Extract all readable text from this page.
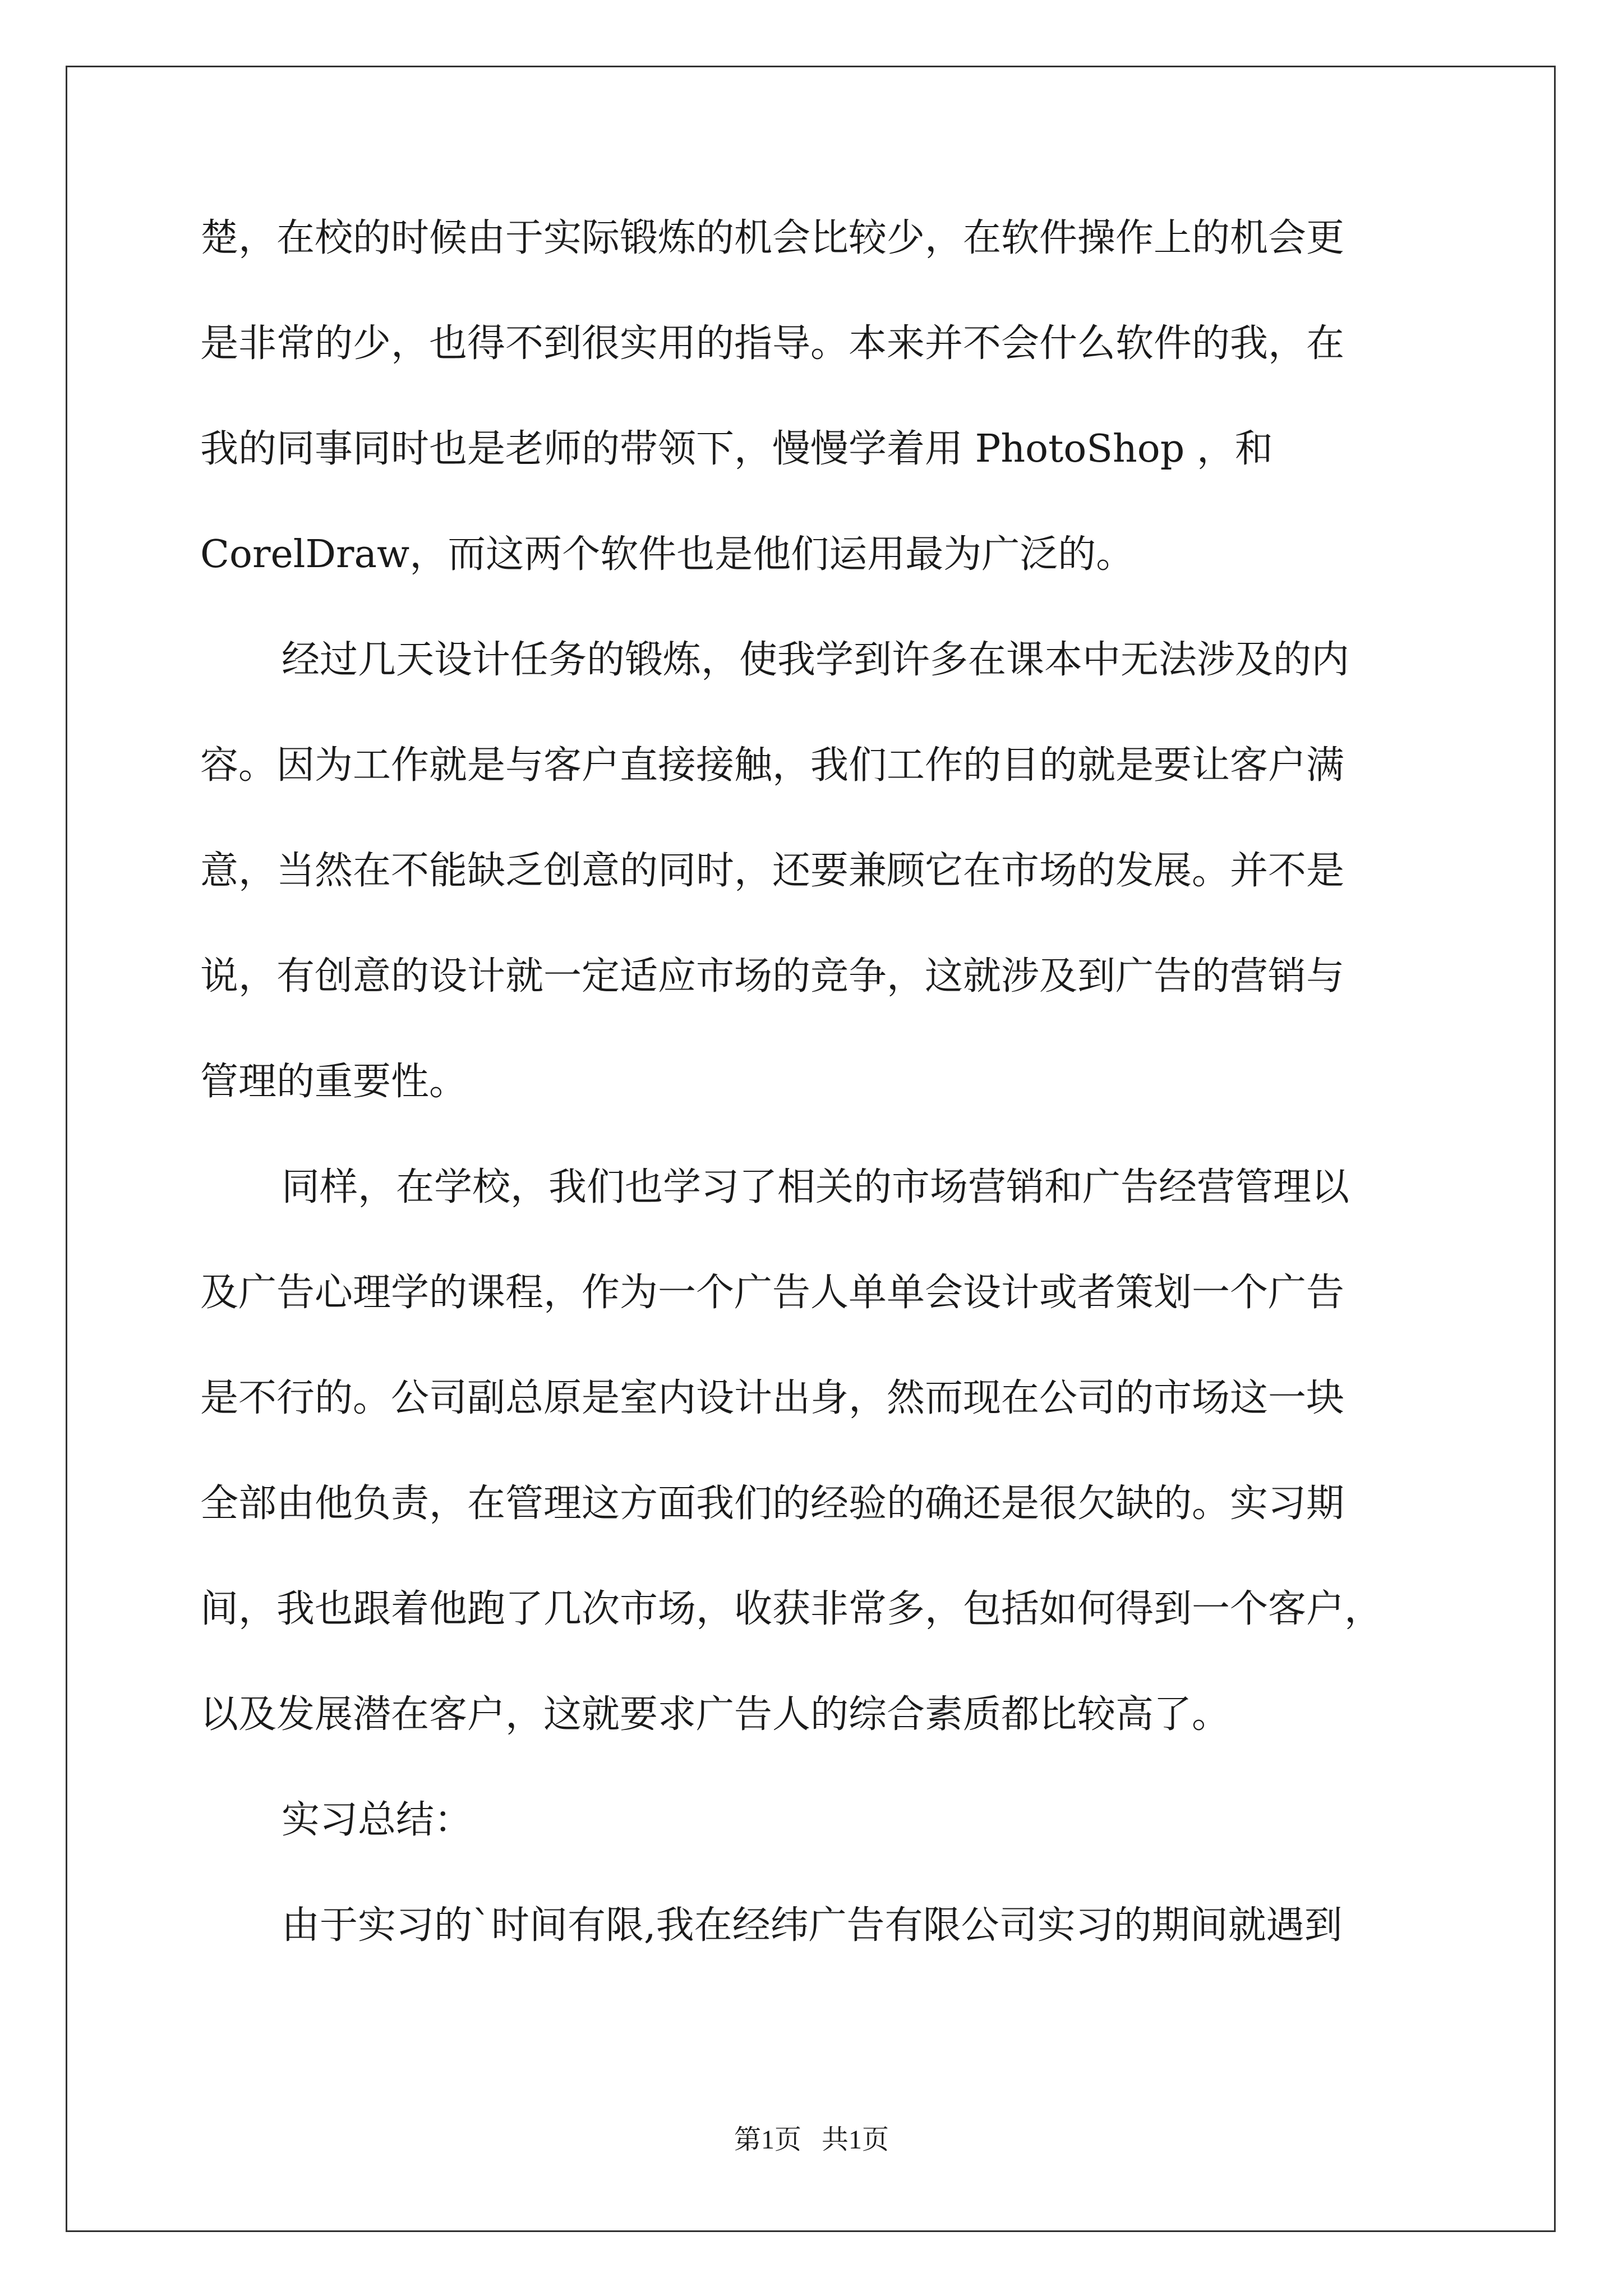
楚，在校的时候由于实际锻炼的机会比较少，在软件操作上的机会更
是非常的少，也得不到很实用的指导。本来并不会什么软件的我，在
我的同事同时也是老师的带领下，慢慢学着用 PhotoShop ，和
CorelDraw，而这两个软件也是他们运用最为广泛的。
经过几天设计任务的锻炼，使我学到许多在课本中无法涉及的内
容。因为工作就是与客户直接接触，我们工作的目的就是要让客户满
意，当然在不能缺乏创意的同时，还要兼顾它在市场的发展。并不是
说，有创意的设计就一定适应市场的竞争，这就涉及到广告的营销与
管理的重要性。
同样，在学校，我们也学习了相关的市场营销和广告经营管理以
及广告心理学的课程，作为一个广告人单单会设计或者策划一个广告
是不行的。公司副总原是室内设计出身，然而现在公司的市场这一块
全部由他负责，在管理这方面我们的经验的确还是很欠缺的。实习期
间，我也跟着他跑了几次市场，收获非常多，包括如何得到一个客户，
以及发展潜在客户，这就要求广告人的综合素质都比较高了。
实习总结：
由于实习的`时间有限,我在经纬广告有限公司实习的期间就遇到
第1页   共1页
